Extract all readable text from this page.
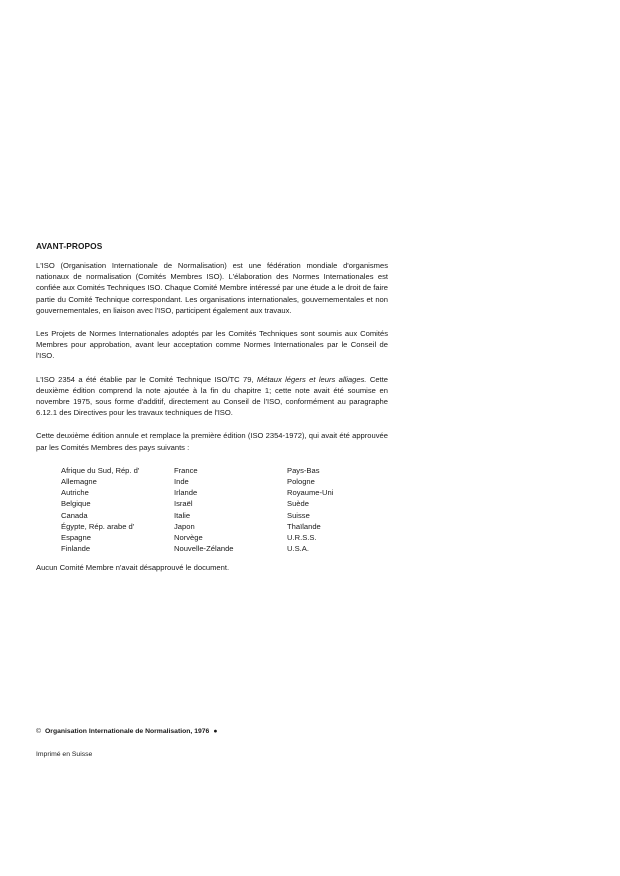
AVANT-PROPOS

L'ISO (Organisation Internationale de Normalisation) est une fédération mondiale d'organismes nationaux de normalisation (Comités Membres ISO). L'élaboration des Normes Internationales est confiée aux Comités Techniques ISO. Chaque Comité Membre intéressé par une étude a le droit de faire partie du Comité Technique correspondant. Les organisations internationales, gouvernementales et non gouvernementales, en liaison avec l'ISO, participent également aux travaux.

Les Projets de Normes Internationales adoptés par les Comités Techniques sont soumis aux Comités Membres pour approbation, avant leur acceptation comme Normes Internationales par le Conseil de l'ISO.

L'ISO 2354 a été établie par le Comité Technique ISO/TC 79, Métaux légers et leurs alliages. Cette deuxième édition comprend la note ajoutée à la fin du chapitre 1; cette note avait été soumise en novembre 1975, sous forme d'additif, directement au Conseil de l'ISO, conformément au paragraphe 6.12.1 des Directives pour les travaux techniques de l'ISO.

Cette deuxième édition annule et remplace la première édition (ISO 2354-1972), qui avait été approuvée par les Comités Membres des pays suivants :

Afrique du Sud, Rép. d'	France	Pays-Bas
Allemagne	Inde	Pologne
Autriche	Irlande	Royaume-Uni
Belgique	Israël	Suède
Canada	Italie	Suisse
Égypte, Rép. arabe d'	Japon	Thaïlande
Espagne	Norvège	U.R.S.S.
Finlande	Nouvelle-Zélande	U.S.A.

Aucun Comité Membre n'avait désapprouvé le document.

© Organisation Internationale de Normalisation, 1976 ●
Imprimé en Suisse
